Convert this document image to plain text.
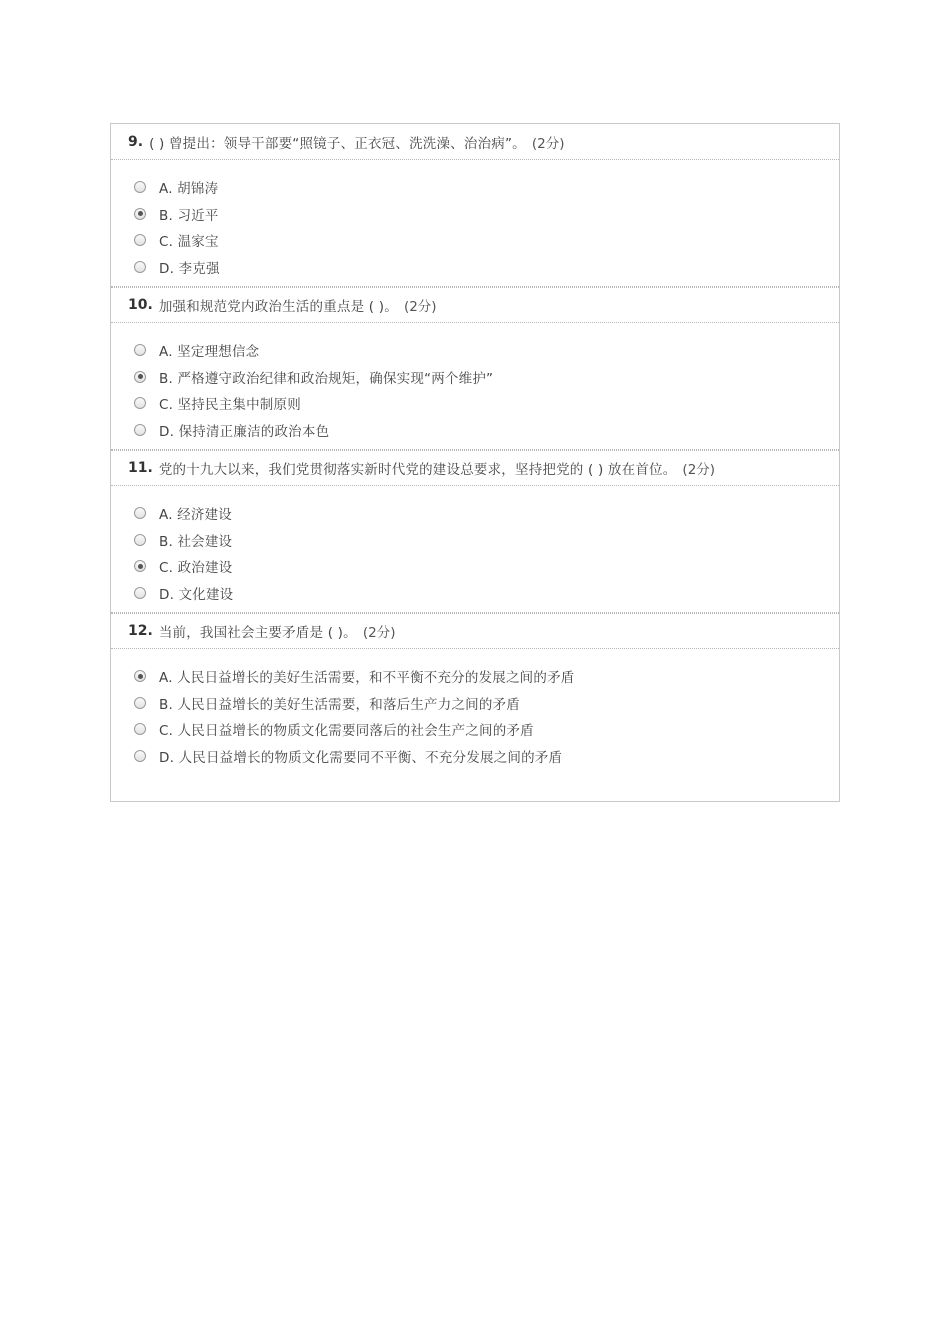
9. ( ) 曾提出：领导干部要“照镜子、正衣冠、洗洗澡、治治病”。 (2分)
A. 胡锦涛
B. 习近平
C. 温家宝
D. 李克强
10. 加强和规范党内政治生活的重点是 ( )。 (2分)
A. 坚定理想信念
B. 严格遵守政治纪律和政治规矩，确保实现“两个维护”
C. 坚持民主集中制原则
D. 保持清正廉洁的政治本色
11. 党的十九大以来，我们党贯彻落实新时代党的建设总要求，坚持把党的 ( ) 放在首位。 (2分)
A. 经济建设
B. 社会建设
C. 政治建设
D. 文化建设
12. 当前，我国社会主要矛盾是 ( )。 (2分)
A. 人民日益增长的美好生活需要，和不平衡不充分的发展之间的矛盾
B. 人民日益增长的美好生活需要，和落后生产力之间的矛盾
C. 人民日益增长的物质文化需要同落后的社会生产之间的矛盾
D. 人民日益增长的物质文化需要同不平衡、不充分发展之间的矛盾
